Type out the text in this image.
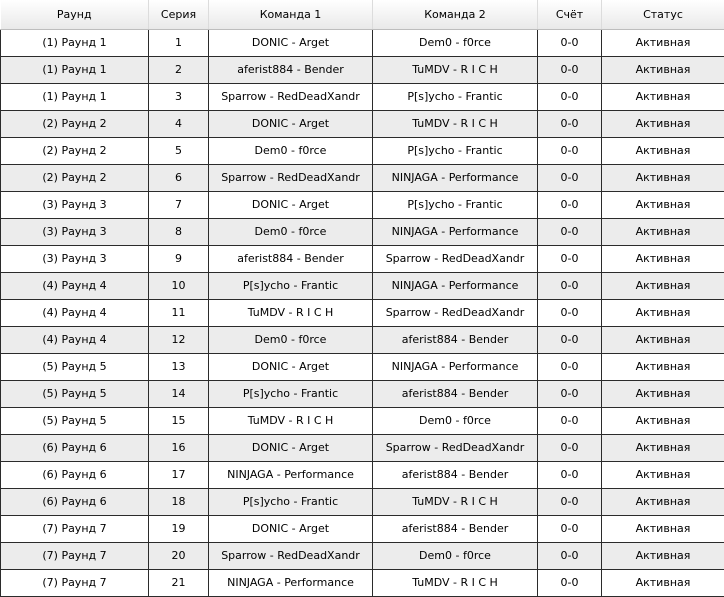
Раунд	Серия	Команда 1	Команда 2	Счёт	Статус
(1) Раунд 1	1	DONIC - Arget	Dem0 - f0rce	0-0	Активная
(1) Раунд 1	2	aferist884 - Bender	TuMDV - R I C H	0-0	Активная
(1) Раунд 1	3	Sparrow - RedDeadXandr	P[s]ycho - Frantic	0-0	Активная
(2) Раунд 2	4	DONIC - Arget	TuMDV - R I C H	0-0	Активная
(2) Раунд 2	5	Dem0 - f0rce	P[s]ycho - Frantic	0-0	Активная
(2) Раунд 2	6	Sparrow - RedDeadXandr	NINJAGA - Performance	0-0	Активная
(3) Раунд 3	7	DONIC - Arget	P[s]ycho - Frantic	0-0	Активная
(3) Раунд 3	8	Dem0 - f0rce	NINJAGA - Performance	0-0	Активная
(3) Раунд 3	9	aferist884 - Bender	Sparrow - RedDeadXandr	0-0	Активная
(4) Раунд 4	10	P[s]ycho - Frantic	NINJAGA - Performance	0-0	Активная
(4) Раунд 4	11	TuMDV - R I C H	Sparrow - RedDeadXandr	0-0	Активная
(4) Раунд 4	12	Dem0 - f0rce	aferist884 - Bender	0-0	Активная
(5) Раунд 5	13	DONIC - Arget	NINJAGA - Performance	0-0	Активная
(5) Раунд 5	14	P[s]ycho - Frantic	aferist884 - Bender	0-0	Активная
(5) Раунд 5	15	TuMDV - R I C H	Dem0 - f0rce	0-0	Активная
(6) Раунд 6	16	DONIC - Arget	Sparrow - RedDeadXandr	0-0	Активная
(6) Раунд 6	17	NINJAGA - Performance	aferist884 - Bender	0-0	Активная
(6) Раунд 6	18	P[s]ycho - Frantic	TuMDV - R I C H	0-0	Активная
(7) Раунд 7	19	DONIC - Arget	aferist884 - Bender	0-0	Активная
(7) Раунд 7	20	Sparrow - RedDeadXandr	Dem0 - f0rce	0-0	Активная
(7) Раунд 7	21	NINJAGA - Performance	TuMDV - R I C H	0-0	Активная
